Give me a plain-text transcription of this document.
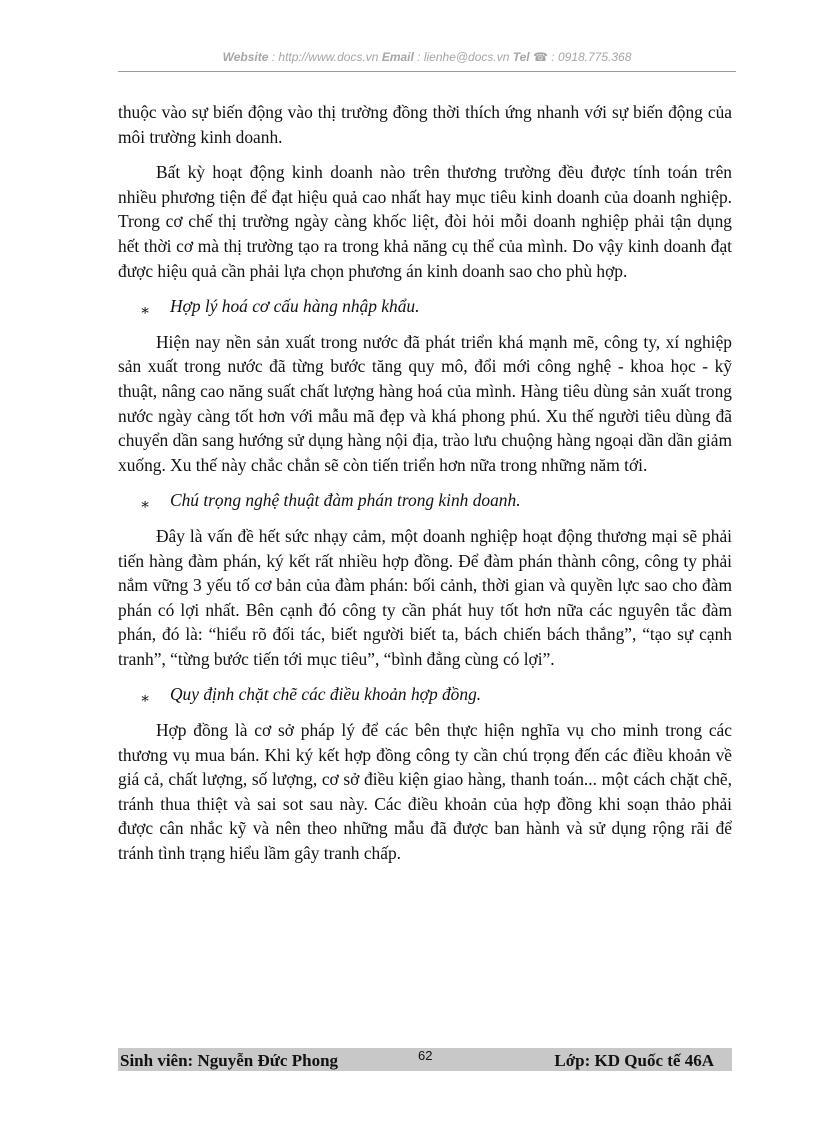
Website : http://www.docs.vn Email : lienhe@docs.vn Tel ☎ : 0918.775.368

thuộc vào sự biến động vào thị trường đồng thời thích ứng nhanh với sự biến động của môi trường kinh doanh.

Bất kỳ hoạt động kinh doanh nào trên thương trường đều được tính toán trên nhiều phương tiện để đạt hiệu quả cao nhất hay mục tiêu kinh doanh của doanh nghiệp. Trong cơ chế thị trường ngày càng khốc liệt, đòi hỏi mỗi doanh nghiệp phải tận dụng hết thời cơ mà thị trường tạo ra trong khả năng cụ thể của mình. Do vậy kinh doanh đạt được hiệu quả cần phải lựa chọn phương án kinh doanh sao cho phù hợp.

∗ Hợp lý hoá cơ cấu hàng nhập khẩu.

Hiện nay nền sản xuất trong nước đã phát triển khá mạnh mẽ, công ty, xí nghiệp sản xuất trong nước đã từng bước tăng quy mô, đổi mới công nghệ - khoa học - kỹ thuật, nâng cao năng suất chất lượng hàng hoá của mình. Hàng tiêu dùng sản xuất trong nước ngày càng tốt hơn với mẫu mã đẹp và khá phong phú. Xu thế người tiêu dùng đã chuyển dần sang hướng sử dụng hàng nội địa, trào lưu chuộng hàng ngoại dần dần giảm xuống. Xu thế này chắc chắn sẽ còn tiến triển hơn nữa trong những năm tới.

∗ Chú trọng nghệ thuật đàm phán trong kinh doanh.

Đây là vấn đề hết sức nhạy cảm, một doanh nghiệp hoạt động thương mại sẽ phải tiến hàng đàm phán, ký kết rất nhiều hợp đồng. Để đàm phán thành công, công ty phải nắm vững 3 yếu tố cơ bản của đàm phán: bối cảnh, thời gian và quyền lực sao cho đàm phán có lợi nhất. Bên cạnh đó công ty cần phát huy tốt hơn nữa các nguyên tắc đàm phán, đó là: “hiểu rõ đối tác, biết người biết ta, bách chiến bách thắng”, “tạo sự cạnh tranh”, “từng bước tiến tới mục tiêu”, “bình đẳng cùng có lợi”.

∗ Quy định chặt chẽ các điều khoản hợp đồng.

Hợp đồng là cơ sở pháp lý để các bên thực hiện nghĩa vụ cho minh trong các thương vụ mua bán. Khi ký kết hợp đồng công ty cần chú trọng đến các điều khoản về giá cả, chất lượng, số lượng, cơ sở điều kiện giao hàng, thanh toán... một cách chặt chẽ, tránh thua thiệt và sai sot sau này. Các điều khoản của hợp đồng khi soạn thảo phải được cân nhắc kỹ và nên theo những mẫu đã được ban hành và sử dụng rộng rãi để tránh tình trạng hiểu lầm gây tranh chấp.

Sinh viên: Nguyễn Đức Phong	62	Lớp: KD Quốc tế 46A
